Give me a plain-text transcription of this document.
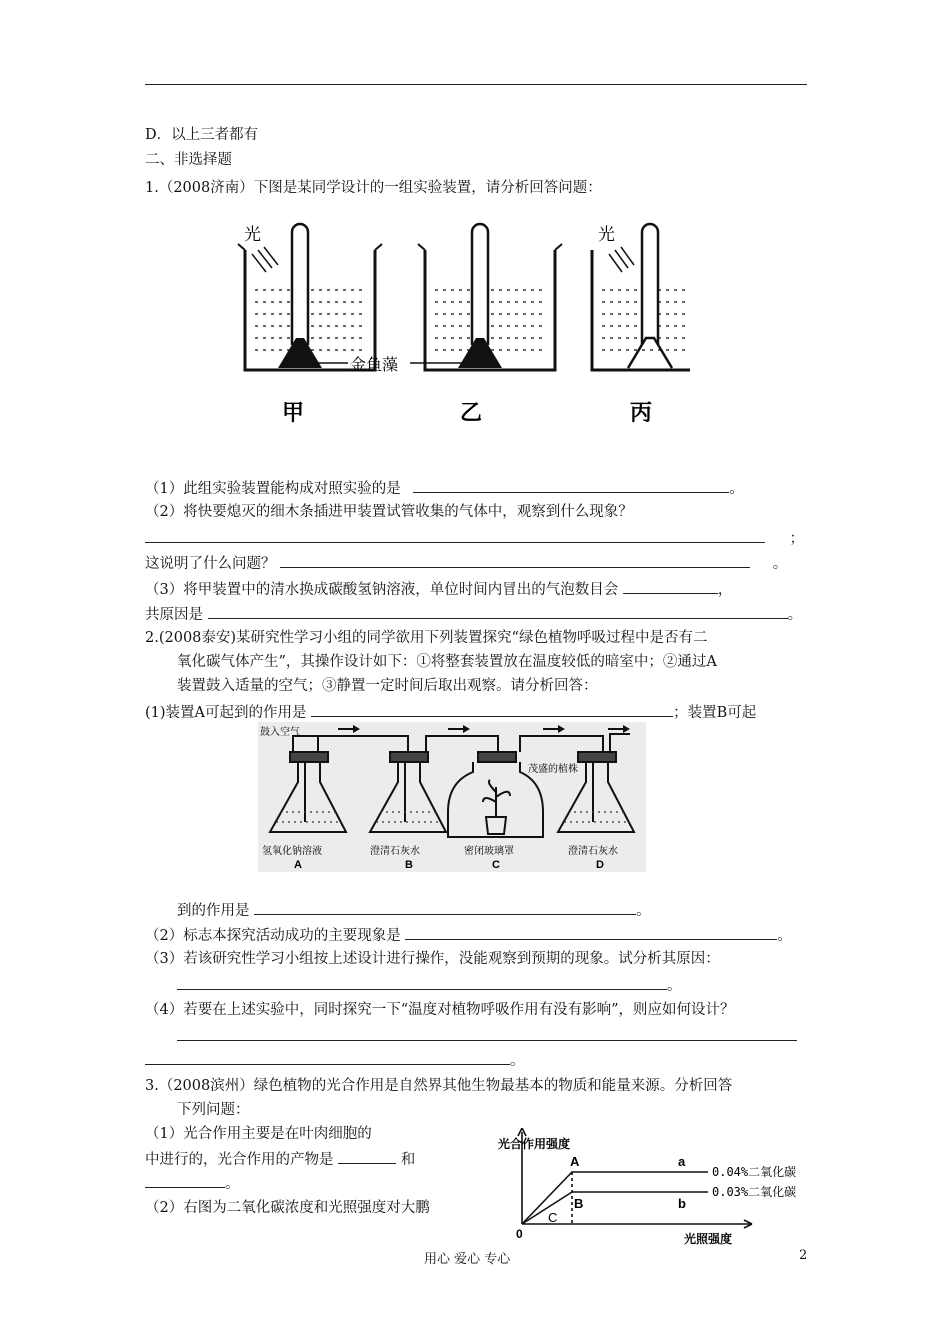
D．以上三者都有
二、非选择题
1.（2008济南）下图是某同学设计的一组实验装置，请分析回答问题：
光	光
金鱼藻
甲	乙	丙
（1）此组实验装置能构成对照实验的是	。
（2）将快要熄灭的细木条插进甲装置试管收集的气体中，观察到什么现象？
；
这说明了什么问题？	。
（3）将甲装置中的清水换成碳酸氢钠溶液，单位时间内冒出的气泡数目会	，
共原因是	。
2.(2008泰安)某研究性学习小组的同学欲用下列装置探究“绿色植物呼吸过程中是否有二
氧化碳气体产生”，其操作设计如下：①将整套装置放在温度较低的暗室中；②通过A
装置鼓入适量的空气；③静置一定时间后取出观察。请分析回答：
(1)装置A可起到的作用是	；装置B可起
鼓入空气
茂盛的植株
氢氧化钠溶液	澄清石灰水	密闭玻璃罩	澄清石灰水
A	B	C	D
到的作用是	。
（2）标志本探究活动成功的主要现象是	。
（3）若该研究性学习小组按上述设计进行操作，没能观察到预期的现象。试分析其原因：
。
（4）若要在上述实验中，同时探究一下“温度对植物呼吸作用有没有影响”，则应如何设计？
。
3.（2008滨州）绿色植物的光合作用是自然界其他生物最基本的物质和能量来源。分析回答
下列问题：
（1）光合作用主要是在叶肉细胞的
中进行的，光合作用的产物是	和
。
（2）右图为二氧化碳浓度和光照强度对大鹏
光合作用强度
光照强度
0
0.04%二氧化碳
0.03%二氧化碳
A
B
C
a
b
用心 爱心 专心	2
